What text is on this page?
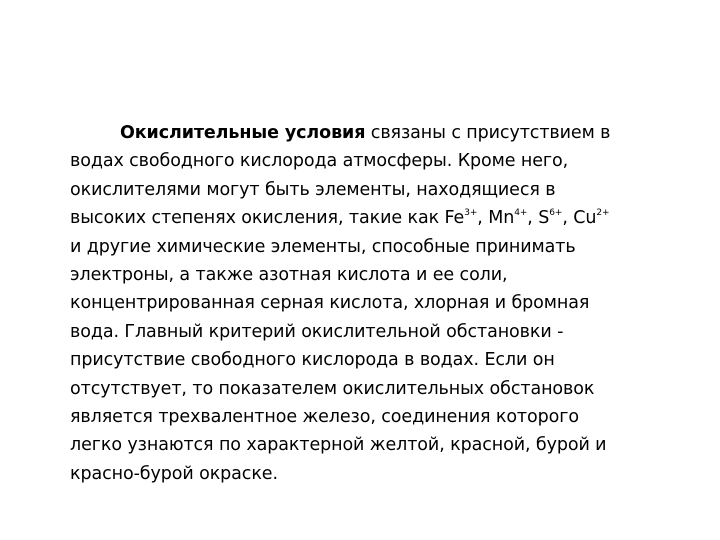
Окислительные условия связаны с присутствием в
водах свободного кислорода атмосферы. Кроме него,
окислителями могут быть элементы, находящиеся в
высоких степенях окисления, такие как $Fe^{3+}$, $Mn^{4+}$, $S^{6+}$, $Cu^{2+}$
и другие химические элементы, способные принимать
электроны, а также азотная кислота и ее соли,
концентрированная серная кислота, хлорная и бромная
вода. Главный критерий окислительной обстановки -
присутствие свободного кислорода в водах. Если он
отсутствует, то показателем окислительных обстановок
является трехвалентное железо, соединения которого
легко узнаются по характерной желтой, красной, бурой и
красно-бурой окраске.
